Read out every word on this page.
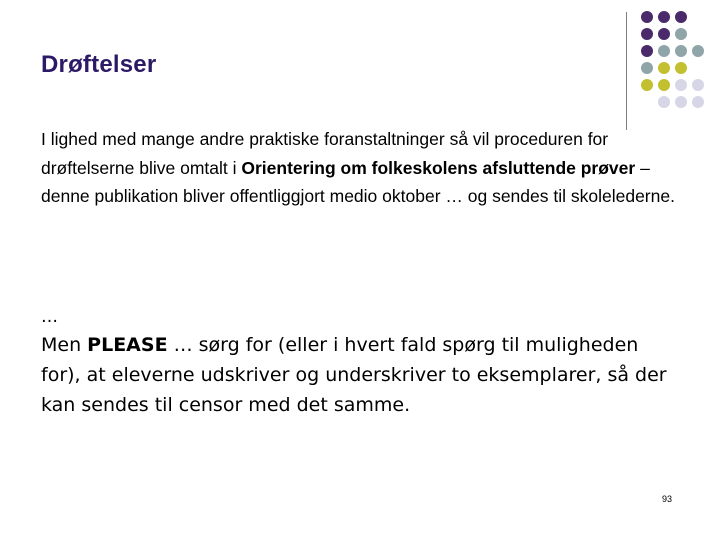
Drøftelser
I lighed med mange andre praktiske foranstaltninger så vil proceduren for drøftelserne blive omtalt i Orientering om folkeskolens afsluttende prøver – denne publikation bliver offentliggjort medio oktober … og sendes til skolelederne.
…
Men PLEASE … sørg for (eller i hvert fald spørg til muligheden for), at eleverne udskriver og underskriver to eksemplarer, så der kan sendes til censor med det samme.
93
